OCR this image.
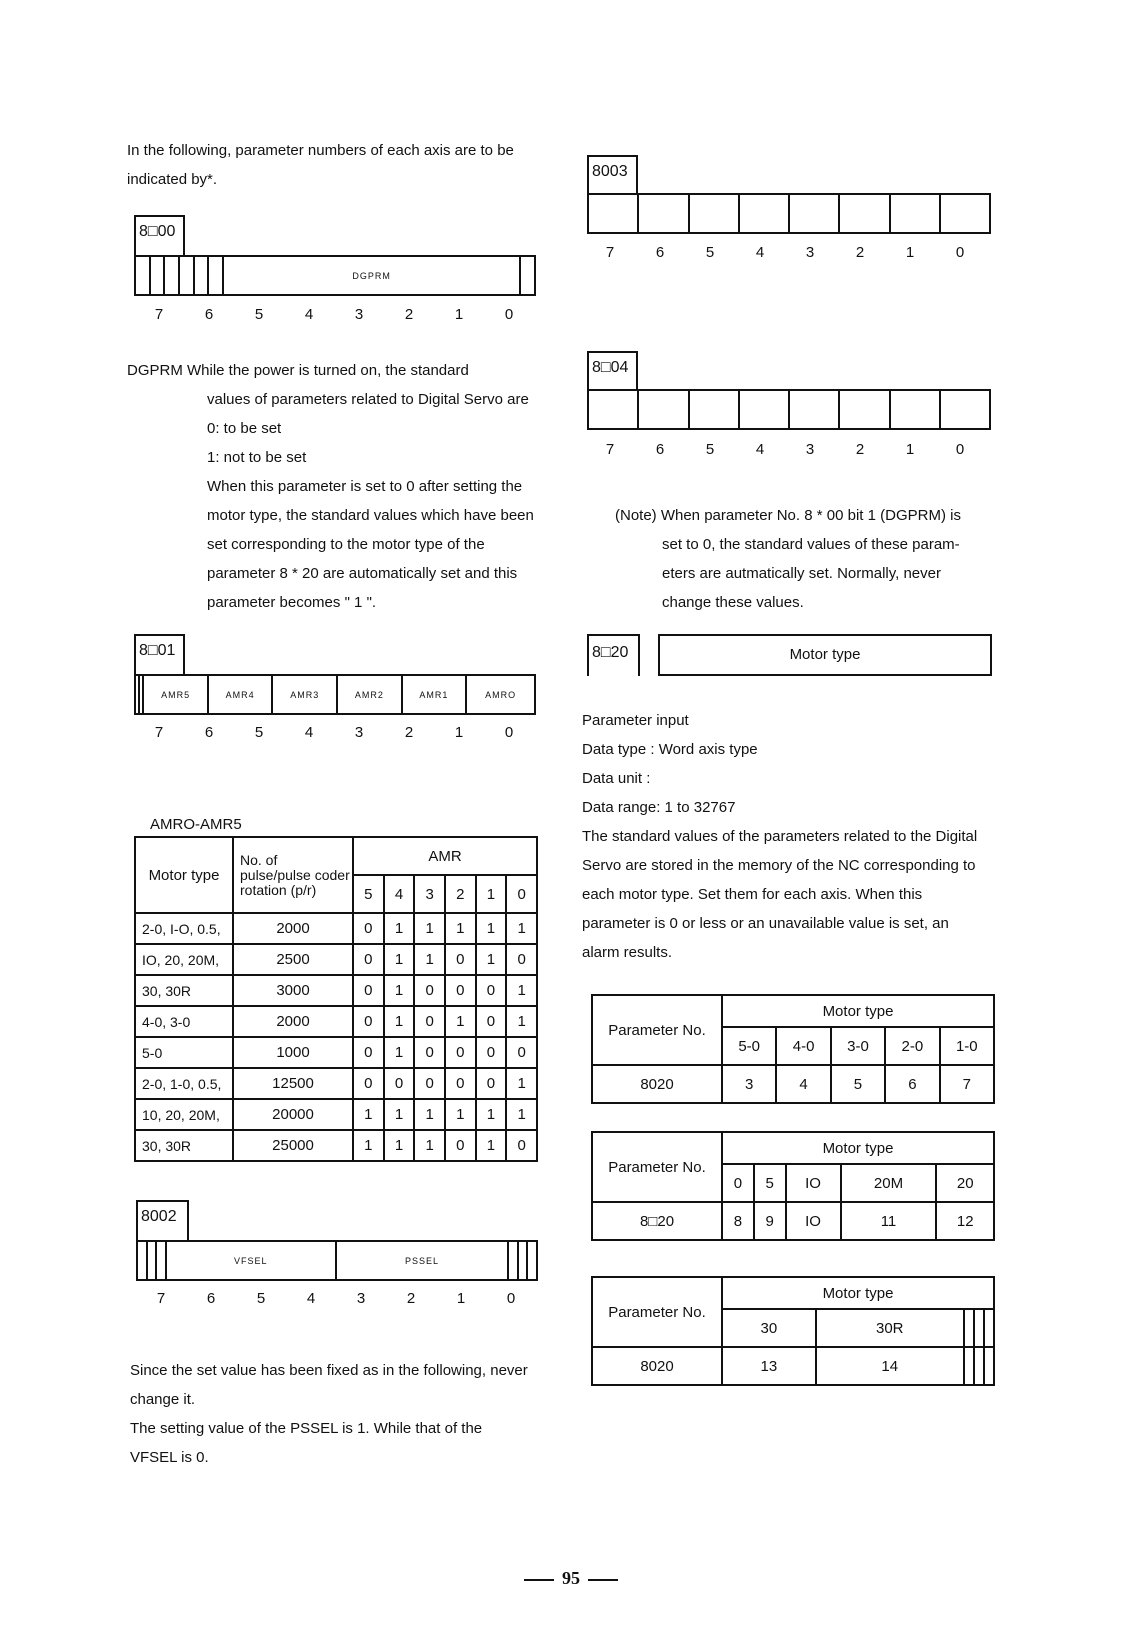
In the following, parameter numbers of each axis are to be
indicated by*.
8□00
						DGPRM	
7	6	5	4	3	2	1	0
DGPRM While the power is turned on, the standard
values of parameters related to Digital Servo are
0: to be set
1: not to be set
When this parameter is set to 0 after setting the
motor type, the standard values which have been
set corresponding to the motor type of the
parameter 8 * 20 are automatically set and this
parameter becomes " 1 ".
8□01
		AMR5	AMR4	AMR3	AMR2	AMR1	AMRO
7	6	5	4	3	2	1	0
AMRO-AMR5
Motor type	No. of pulse/pulse coder rotation (p/r)	AMR					
		5	4	3	2	1	0
2-0, I-O, 0.5,	2000	0	1	1	1	1	1
IO, 20, 20M,	2500	0	1	1	0	1	0
30, 30R	3000	0	1	0	0	0	1
4-0, 3-0	2000	0	1	0	1	0	1
5-0	1000	0	1	0	0	0	0
2-0, 1-0, 0.5,	12500	0	0	0	0	0	1
10, 20, 20M,	20000	1	1	1	1	1	1
30, 30R	25000	1	1	1	0	1	0
8002
			VFSEL	PSSEL			
7	6	5	4	3	2	1	0
Since the set value has been fixed as in the following, never
change it.
The setting value of the PSSEL is 1. While that of the
VFSEL is 0.
8003

7	6	5	4	3	2	1	0
8□04

7	6	5	4	3	2	1	0
(Note) When parameter No. 8 * 00 bit 1 (DGPRM) is
set to 0, the standard values of these param-
eters are autmatically set. Normally, never
change these values.
8□20	Motor type
Parameter input
Data type : Word axis type
Data unit :
Data range: 1 to 32767
The standard values of the parameters related to the Digital
Servo are stored in the memory of the NC corresponding to
each motor type. Set them for each axis. When this
parameter is 0 or less or an unavailable value is set, an
alarm results.
Parameter No.	Motor type				
	5-0	4-0	3-0	2-0	1-0
8020	3	4	5	6	7
Parameter No.	Motor type				
	0	5	IO	20M	20
8□20	8	9	IO	11	12
Parameter No.	Motor type				
	30	30R			
8020	13	14			
95
